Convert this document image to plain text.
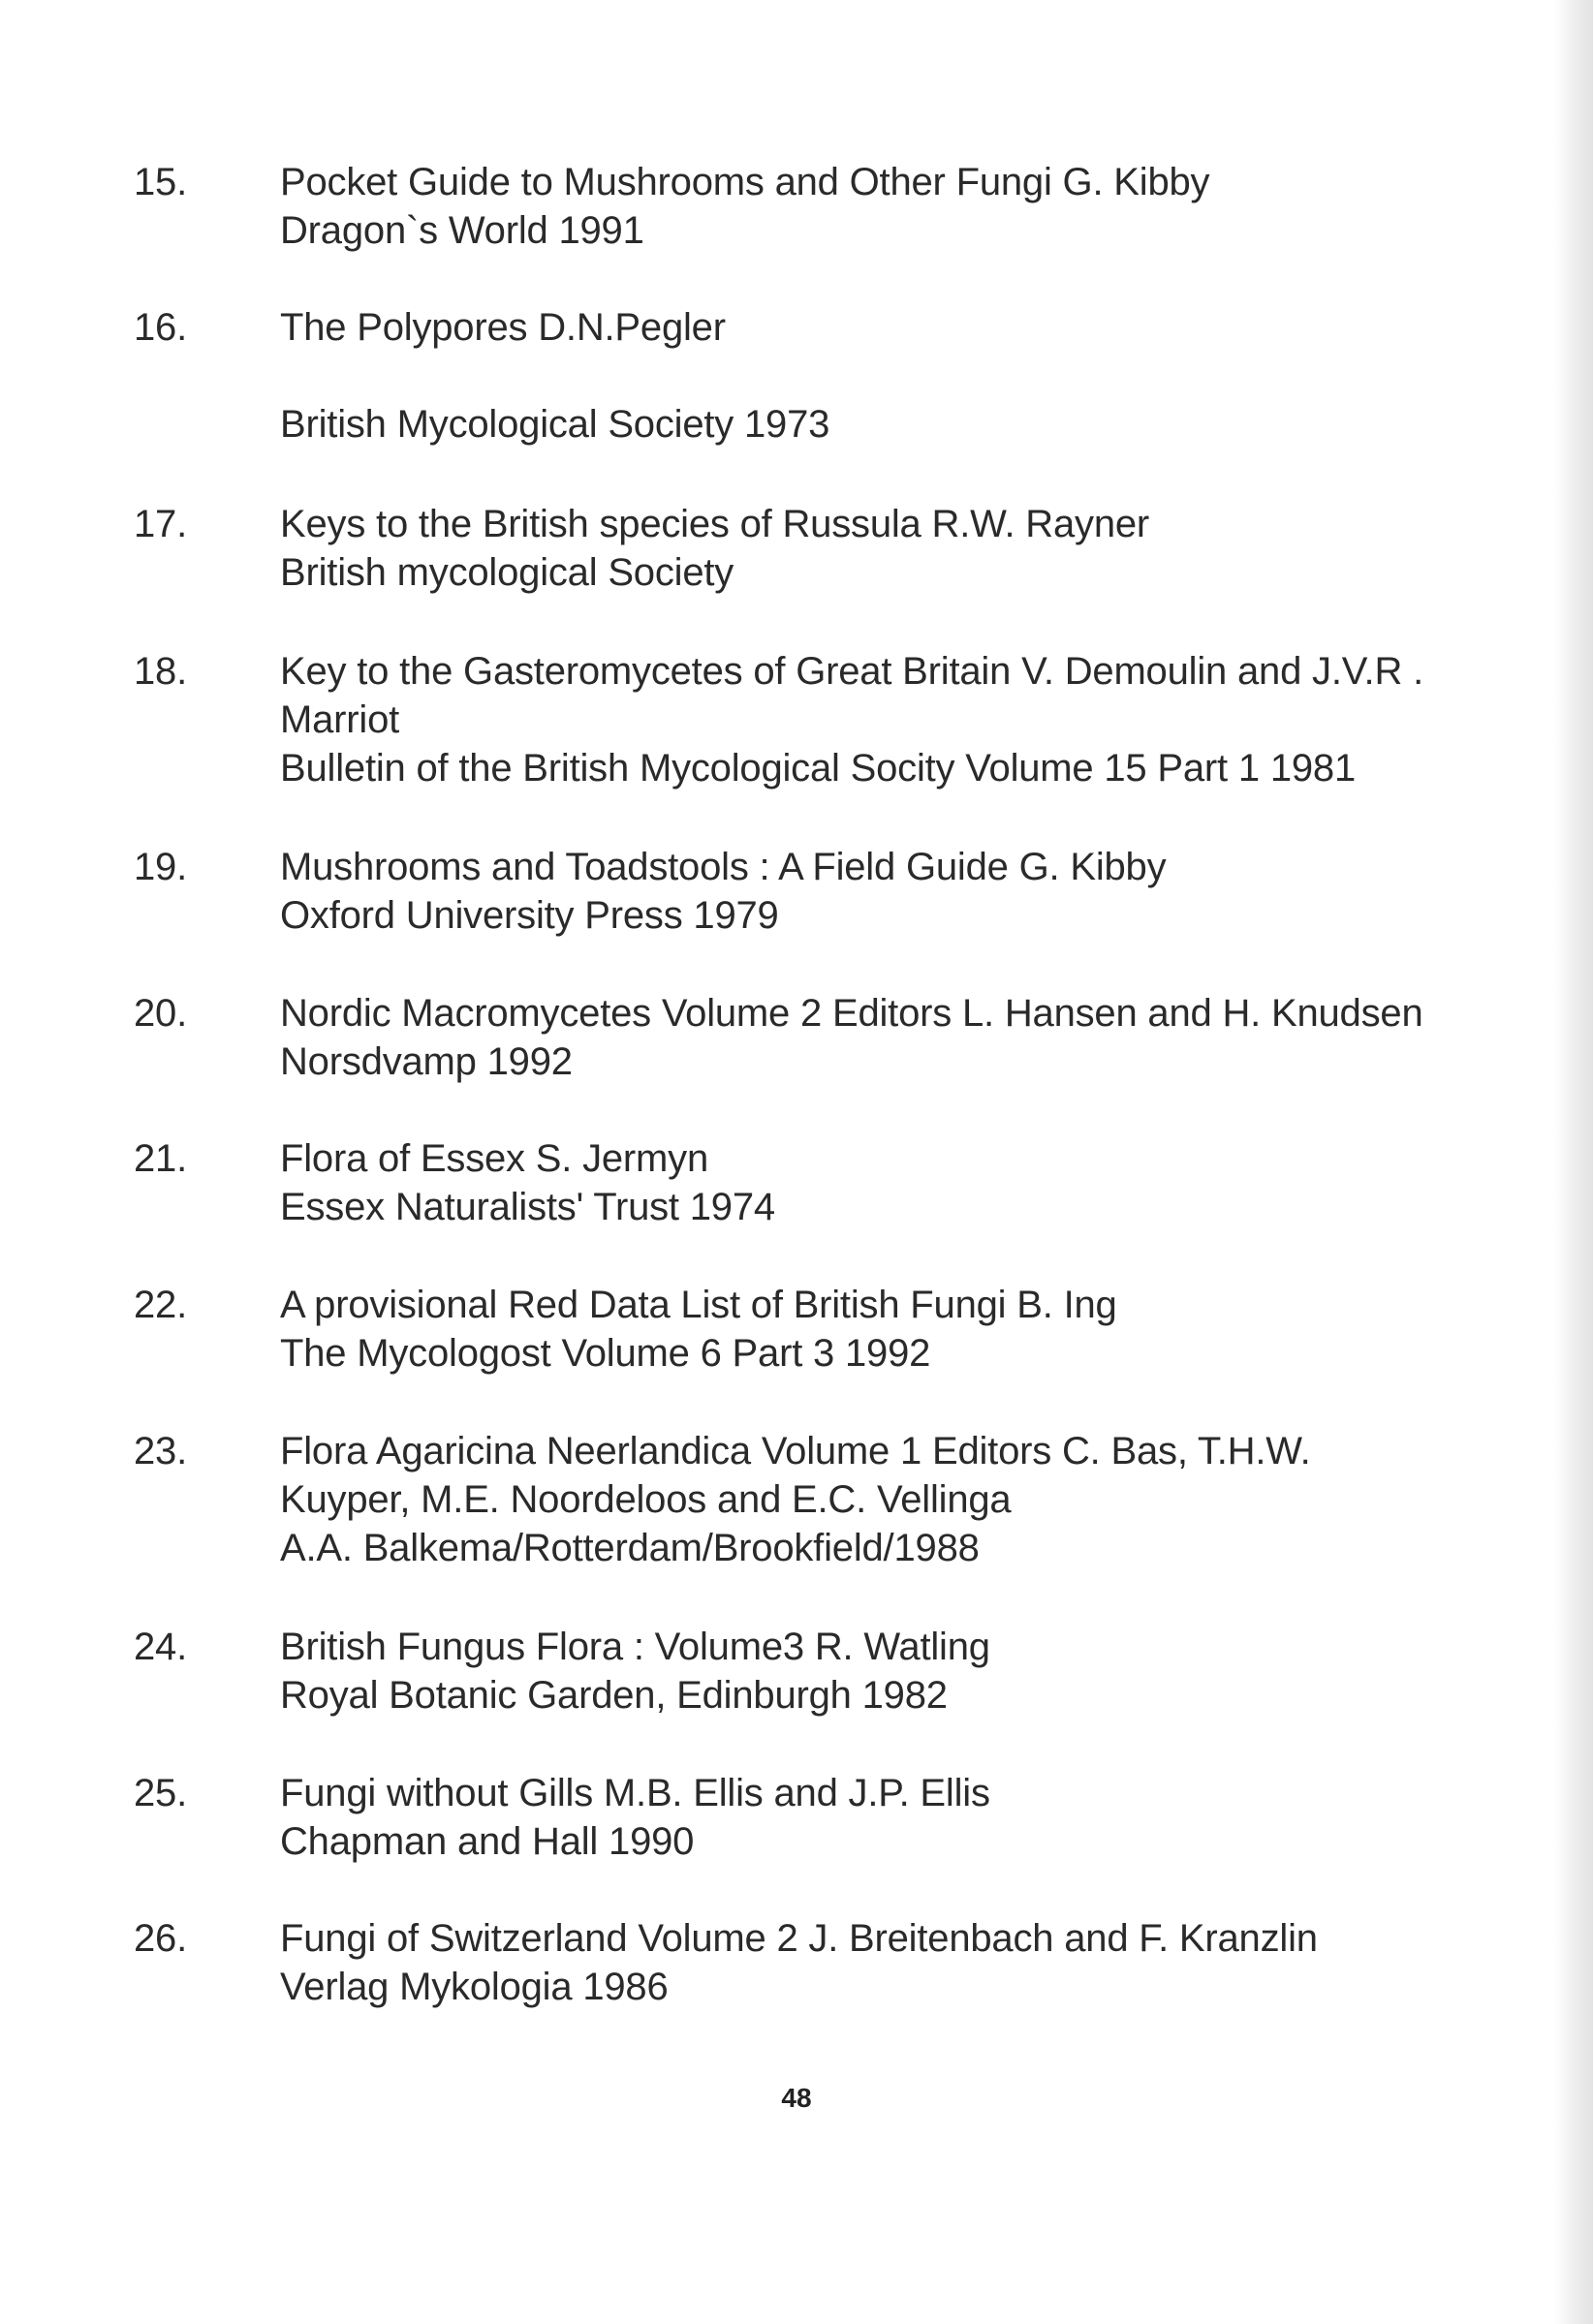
15. Pocket Guide to Mushrooms and Other Fungi G. Kibby
Dragon`s World 1991
16. The Polypores D.N.Pegler
British Mycological Society 1973
17. Keys to the British species of Russula R.W. Rayner
British mycological Society
18. Key to the Gasteromycetes of Great Britain V. Demoulin and J.V.R .
Marriot
Bulletin of the British Mycological Socity Volume 15 Part 1 1981
19. Mushrooms and Toadstools : A Field Guide G. Kibby
Oxford University Press 1979
20. Nordic Macromycetes Volume 2 Editors L. Hansen and H. Knudsen
Norsdvamp 1992
21. Flora of Essex S. Jermyn
Essex Naturalists' Trust 1974
22. A provisional Red Data List of British Fungi B. Ing
The Mycologost Volume 6 Part 3 1992
23. Flora Agaricina Neerlandica Volume 1 Editors C. Bas, T.H.W.
Kuyper, M.E. Noordeloos and E.C. Vellinga
A.A. Balkema/Rotterdam/Brookfield/1988
24. British Fungus Flora : Volume3 R. Watling
Royal Botanic Garden, Edinburgh 1982
25. Fungi without Gills M.B. Ellis and J.P. Ellis
Chapman and Hall 1990
26. Fungi of Switzerland Volume 2 J. Breitenbach and F. Kranzlin
Verlag Mykologia 1986
48
